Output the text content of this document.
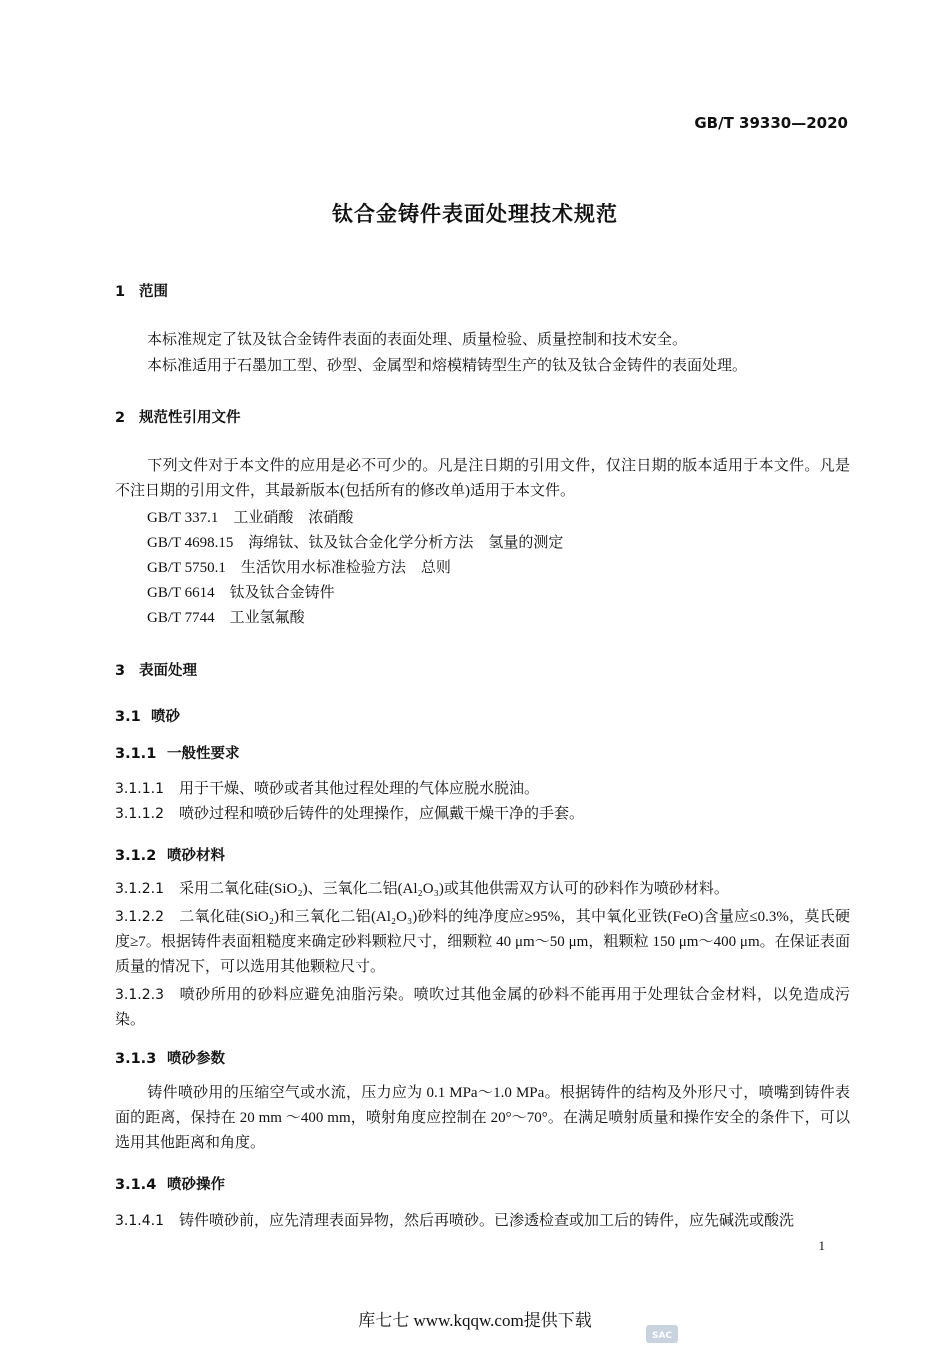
GB/T 39330—2020
钛合金铸件表面处理技术规范
1 范围
本标准规定了钛及钛合金铸件表面的表面处理、质量检验、质量控制和技术安全。
本标准适用于石墨加工型、砂型、金属型和熔模精铸型生产的钛及钛合金铸件的表面处理。
2 规范性引用文件
下列文件对于本文件的应用是必不可少的。凡是注日期的引用文件，仅注日期的版本适用于本文件。凡是不注日期的引用文件，其最新版本(包括所有的修改单)适用于本文件。
GB/T 337.1　工业硝酸　浓硝酸
GB/T 4698.15　海绵钛、钛及钛合金化学分析方法　氢量的测定
GB/T 5750.1　生活饮用水标准检验方法　总则
GB/T 6614　钛及钛合金铸件
GB/T 7744　工业氢氟酸
3 表面处理
3.1 喷砂
3.1.1 一般性要求
3.1.1.1 用于干燥、喷砂或者其他过程处理的气体应脱水脱油。
3.1.1.2 喷砂过程和喷砂后铸件的处理操作，应佩戴干燥干净的手套。
3.1.2 喷砂材料
3.1.2.1 采用二氧化硅(SiO₂)、三氧化二铝(Al₂O₃)或其他供需双方认可的砂料作为喷砂材料。
3.1.2.2 二氧化硅(SiO₂)和三氧化二铝(Al₂O₃)砂料的纯净度应≥95%，其中氧化亚铁(FeO)含量应≤0.3%，莫氏硬度≥7。根据铸件表面粗糙度来确定砂料颗粒尺寸，细颗粒 40 μm～50 μm，粗颗粒 150 μm～400 μm。在保证表面质量的情况下，可以选用其他颗粒尺寸。
3.1.2.3 喷砂所用的砂料应避免油脂污染。喷吹过其他金属的砂料不能再用于处理钛合金材料，以免造成污染。
3.1.3 喷砂参数
铸件喷砂用的压缩空气或水流，压力应为 0.1 MPa～1.0 MPa。根据铸件的结构及外形尺寸，喷嘴到铸件表面的距离，保持在 20 mm ～400 mm，喷射角度应控制在 20°～70°。在满足喷射质量和操作安全的条件下，可以选用其他距离和角度。
3.1.4 喷砂操作
3.1.4.1 铸件喷砂前，应先清理表面异物，然后再喷砂。已渗透检查或加工后的铸件，应先碱洗或酸洗
1
库七七 www.kqqw.com提供下载
SAC
